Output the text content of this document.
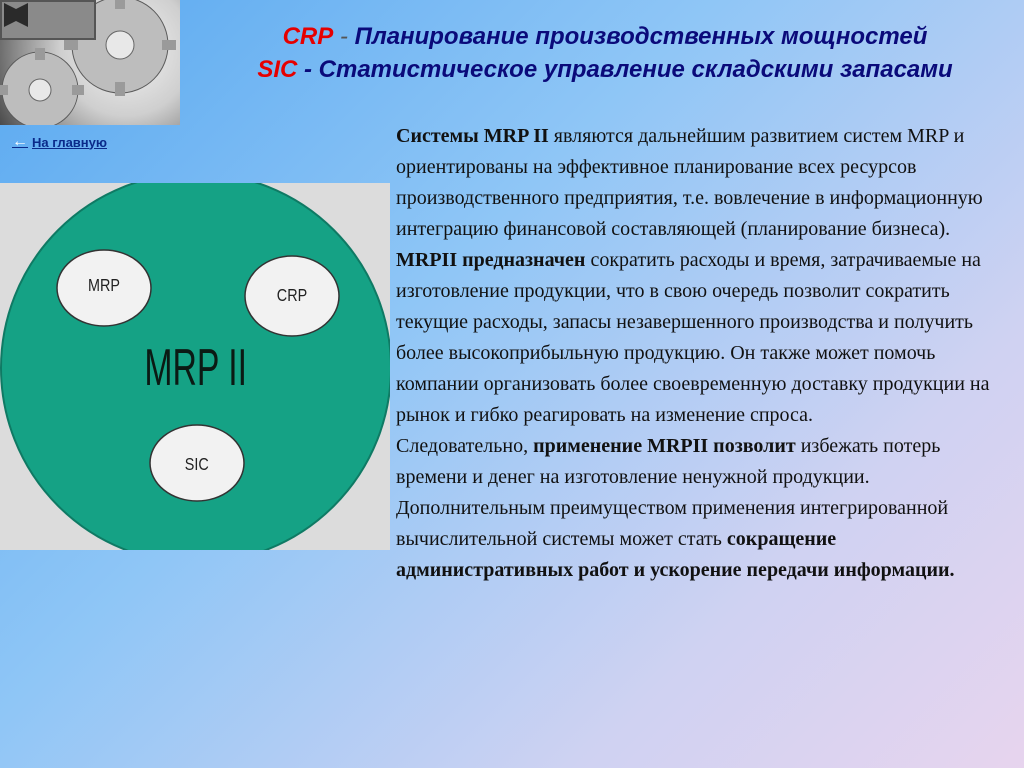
← На главную
CRP - Планирование производственных мощностей
SIC - Статистическое управление складскими запасами
MRP
CRP
SIC
MRP II

Системы MRP II являются дальнейшим развитием систем MRP и ориентированы на эффективное планирование всех ресурсов производственного предприятия, т.е. вовлечение в информационную интеграцию финансовой составляющей (планирование бизнеса).

MRPII предназначен сократить расходы и время, затрачиваемые на изготовление продукции, что в свою очередь позволит сократить текущие расходы, запасы незавершенного производства и получить более высокоприбыльную продукцию. Он также может помочь компании организовать более своевременную доставку продукции на рынок и гибко реагировать на изменение спроса.

Следовательно, применение MRPII позволит избежать потерь времени и денег на изготовление ненужной продукции. Дополнительным преимуществом применения интегрированной вычислительной системы может стать сокращение административных работ и ускорение передачи информации.
